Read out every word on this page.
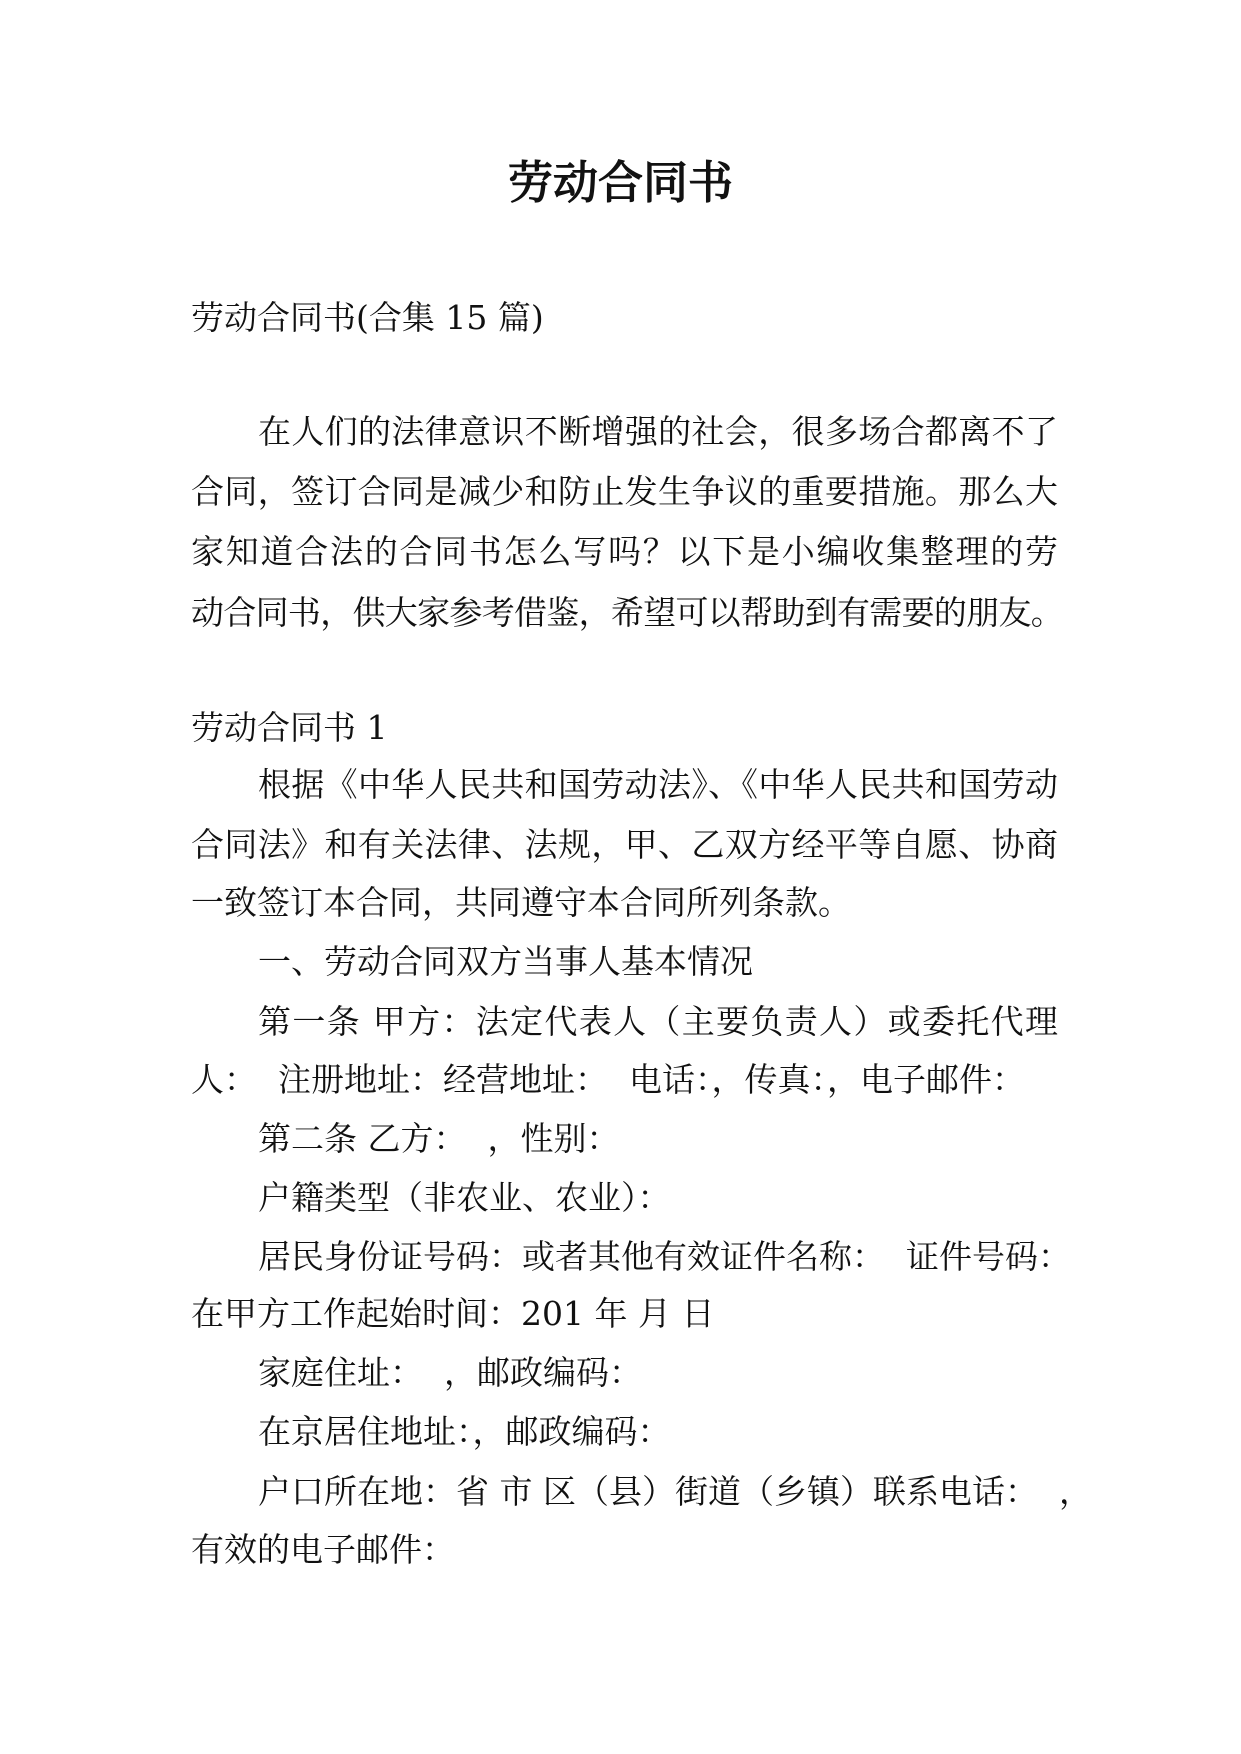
劳动合同书
劳动合同书(合集 15 篇)
在人们的法律意识不断增强的社会，很多场合都离不了
合同，签订合同是减少和防止发生争议的重要措施。那么大
家知道合法的合同书怎么写吗？以下是小编收集整理的劳
动合同书，供大家参考借鉴，希望可以帮助到有需要的朋友。
劳动合同书 1
根据《中华人民共和国劳动法》、《中华人民共和国劳动
合同法》和有关法律、法规，甲、乙双方经平等自愿、协商
一致签订本合同，共同遵守本合同所列条款。
一、劳动合同双方当事人基本情况
第一条 甲方：法定代表人（主要负责人）或委托代理
人：  注册地址：经营地址：  电话：，传真：，电子邮件：
第二条 乙方：  ，性别：
户籍类型（非农业、农业）：
居民身份证号码：或者其他有效证件名称：  证件号码：
在甲方工作起始时间：201 年 月 日
家庭住址：  ，邮政编码：
在京居住地址：，邮政编码：
户口所在地：省 市 区（县）街道（乡镇）联系电话：  ，
有效的电子邮件：
